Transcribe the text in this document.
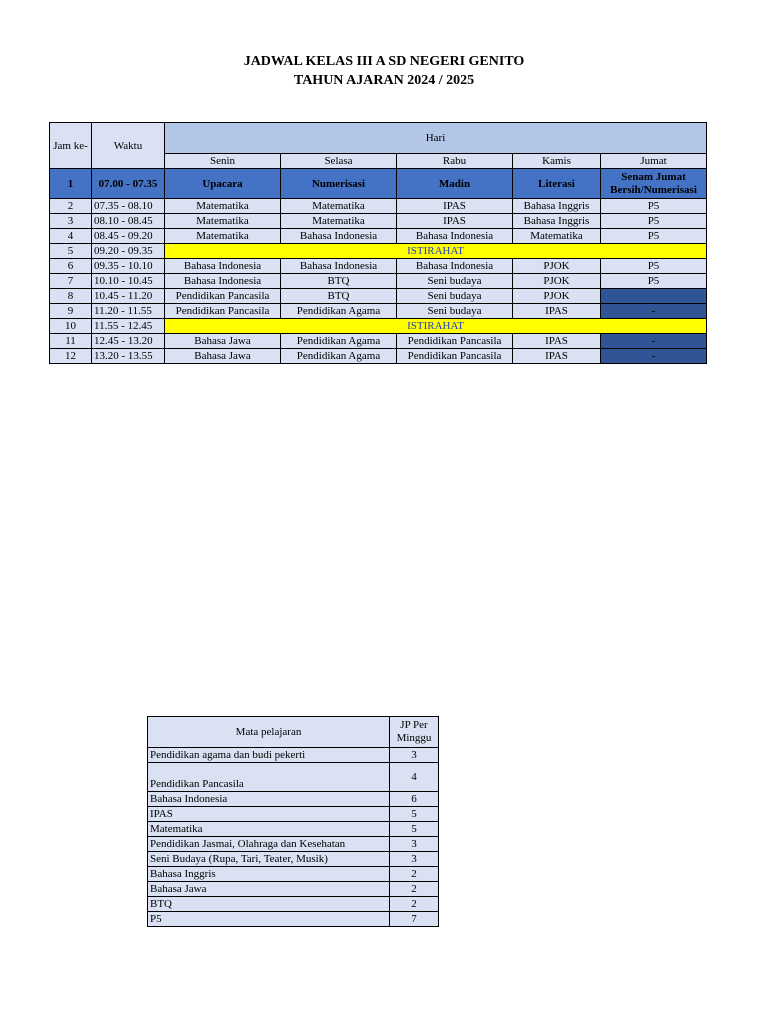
JADWAL KELAS III A SD NEGERI GENITO
TAHUN AJARAN 2024 / 2025
Jam ke-	Waktu	Hari				
		Senin	Selasa	Rabu	Kamis	Jumat
1	07.00 - 07.35	Upacara	Numerisasi	Madin	Literasi	Senam Jumat Bersih/Numerisasi
2	07.35 - 08.10	Matematika	Matematika	IPAS	Bahasa Inggris	P5
3	08.10 - 08.45	Matematika	Matematika	IPAS	Bahasa Inggris	P5
4	08.45 - 09.20	Matematika	Bahasa Indonesia	Bahasa Indonesia	Matematika	P5
5	09.20 - 09.35	ISTIRAHAT				
6	09.35 - 10.10	Bahasa Indonesia	Bahasa Indonesia	Bahasa Indonesia	PJOK	P5
7	10.10 - 10.45	Bahasa Indonesia	BTQ	Seni budaya	PJOK	P5
8	10.45 - 11.20	Pendidikan Pancasila	BTQ	Seni budaya	PJOK	
9	11.20 - 11.55	Pendidikan Pancasila	Pendidikan Agama	Seni budaya	IPAS	-
10	11.55 - 12.45	ISTIRAHAT				
11	12.45 - 13.20	Bahasa Jawa	Pendidikan Agama	Pendidikan Pancasila	IPAS	-
12	13.20 - 13.55	Bahasa Jawa	Pendidikan Agama	Pendidikan Pancasila	IPAS	-
Mata pelajaran	JP Per Minggu
Pendidikan agama dan budi pekerti	3
Pendidikan Pancasila	4
Bahasa Indonesia	6
IPAS	5
Matematika	5
Pendidikan Jasmai, Olahraga dan Kesehatan	3
Seni Budaya (Rupa, Tari, Teater, Musik)	3
Bahasa Inggris	2
Bahasa Jawa	2
BTQ	2
P5	7
